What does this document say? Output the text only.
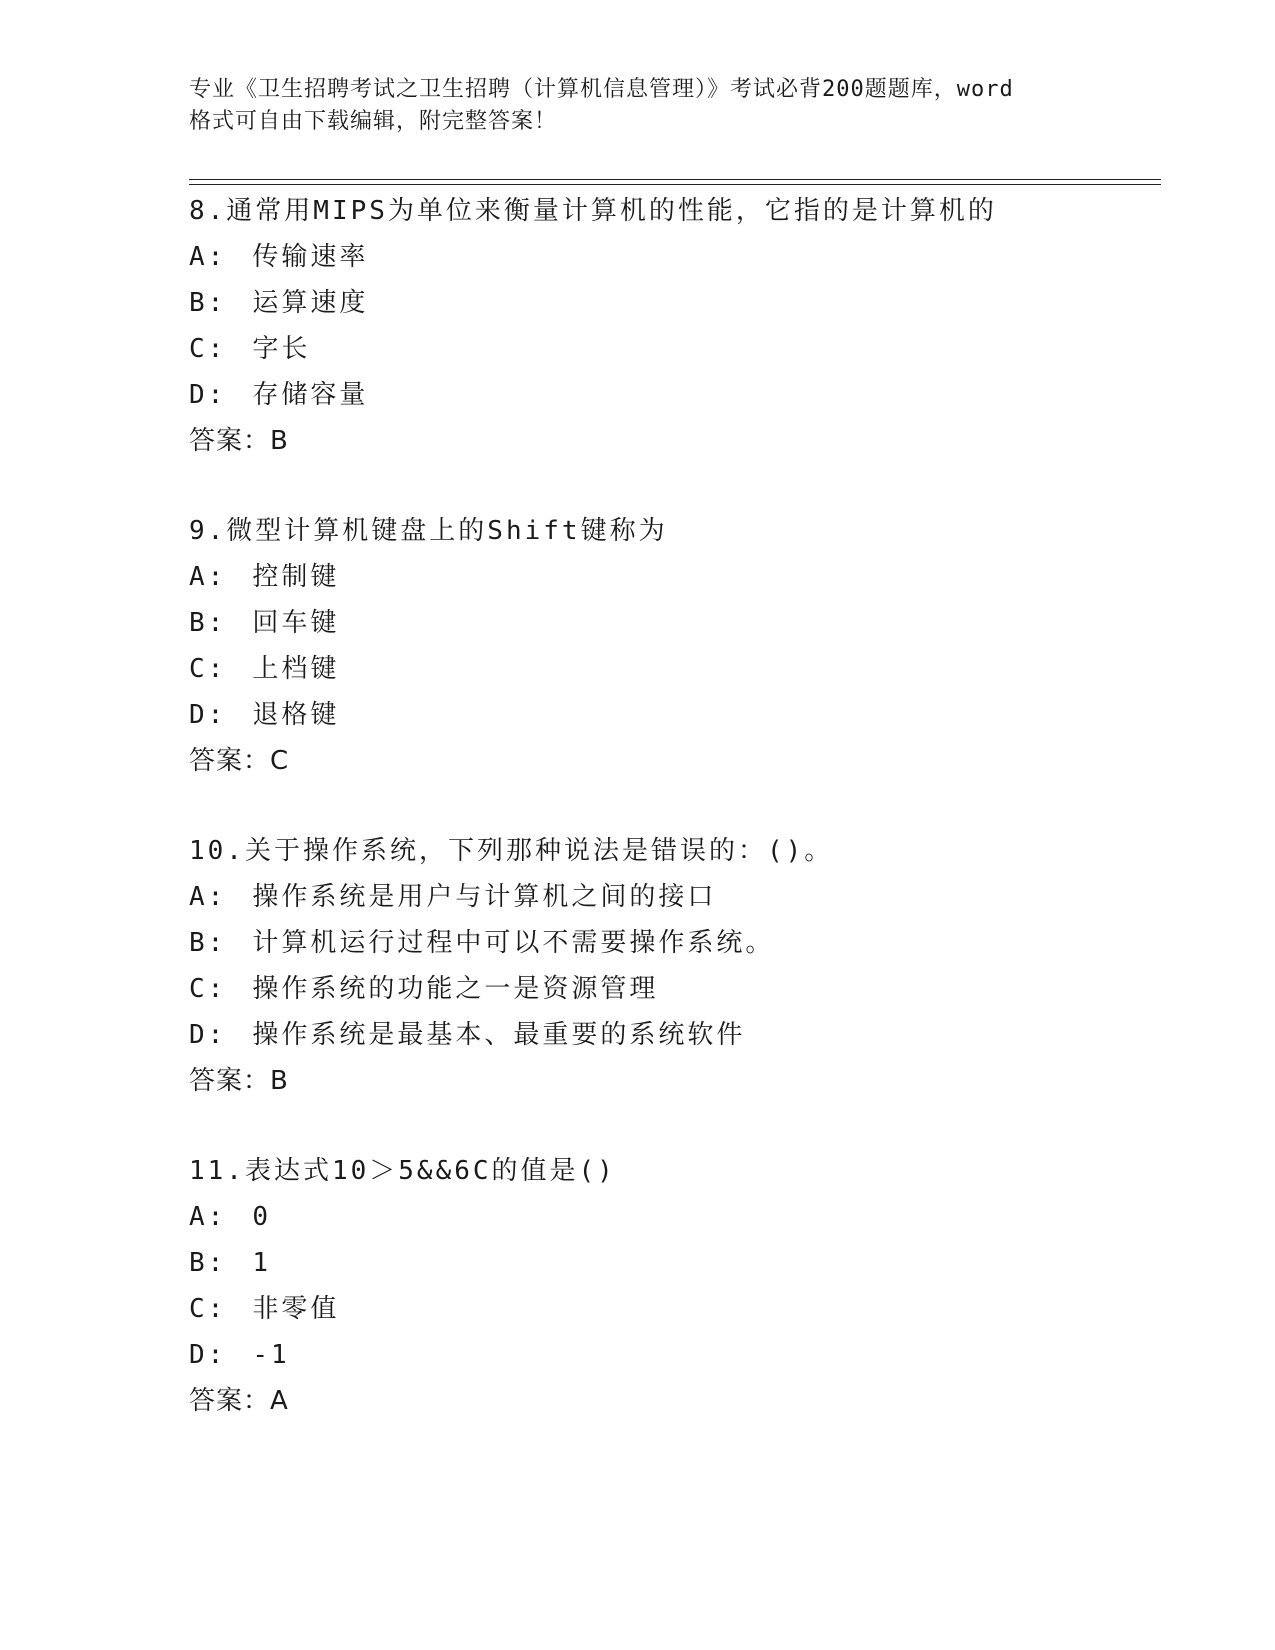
专业《卫生招聘考试之卫生招聘（计算机信息管理）》考试必背200题题库，word
格式可自由下载编辑，附完整答案！
8.通常用MIPS为单位来衡量计算机的性能，它指的是计算机的
A: 传输速率
B: 运算速度
C: 字长
D: 存储容量
答案：B
9.微型计算机键盘上的Shift键称为
A: 控制键
B: 回车键
C: 上档键
D: 退格键
答案：C
10.关于操作系统，下列那种说法是错误的：()。
A: 操作系统是用户与计算机之间的接口
B: 计算机运行过程中可以不需要操作系统。
C: 操作系统的功能之一是资源管理
D: 操作系统是最基本、最重要的系统软件
答案：B
11.表达式10＞5&&6C的值是()
A: 0
B: 1
C: 非零值
D: -1
答案：A
